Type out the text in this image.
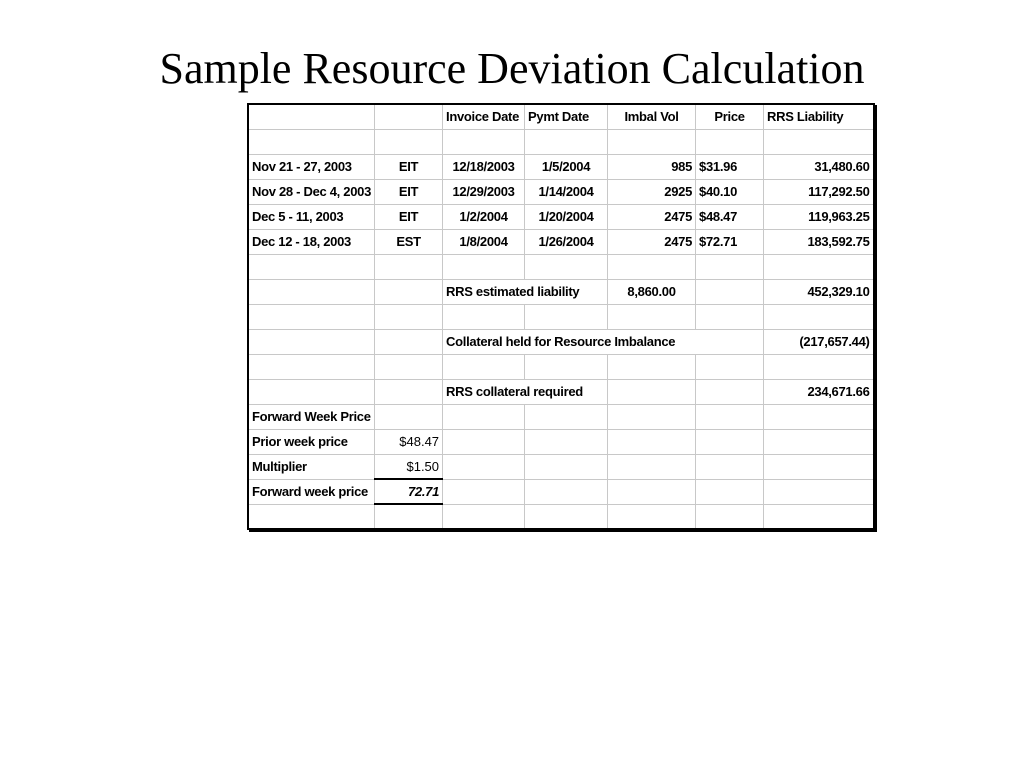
Sample Resource Deviation Calculation
		Invoice Date	Pymt Date	Imbal Vol	Price	RRS Liability

Nov 21 - 27, 2003	EIT	12/18/2003	1/5/2004	985	$31.96	31,480.60
Nov 28 - Dec 4, 2003	EIT	12/29/2003	1/14/2004	2925	$40.10	117,292.50
Dec 5 - 11, 2003	EIT	1/2/2004	1/20/2004	2475	$48.47	119,963.25
Dec 12 - 18, 2003	EST	1/8/2004	1/26/2004	2475	$72.71	183,592.75

		RRS estimated liability		8,860.00		452,329.10

		Collateral held for Resource Imbalance				(217,657.44)

		RRS collateral required				234,671.66
Forward Week Price						
Prior week price	$48.47					
Multiplier	$1.50					
Forward week price	72.71					
